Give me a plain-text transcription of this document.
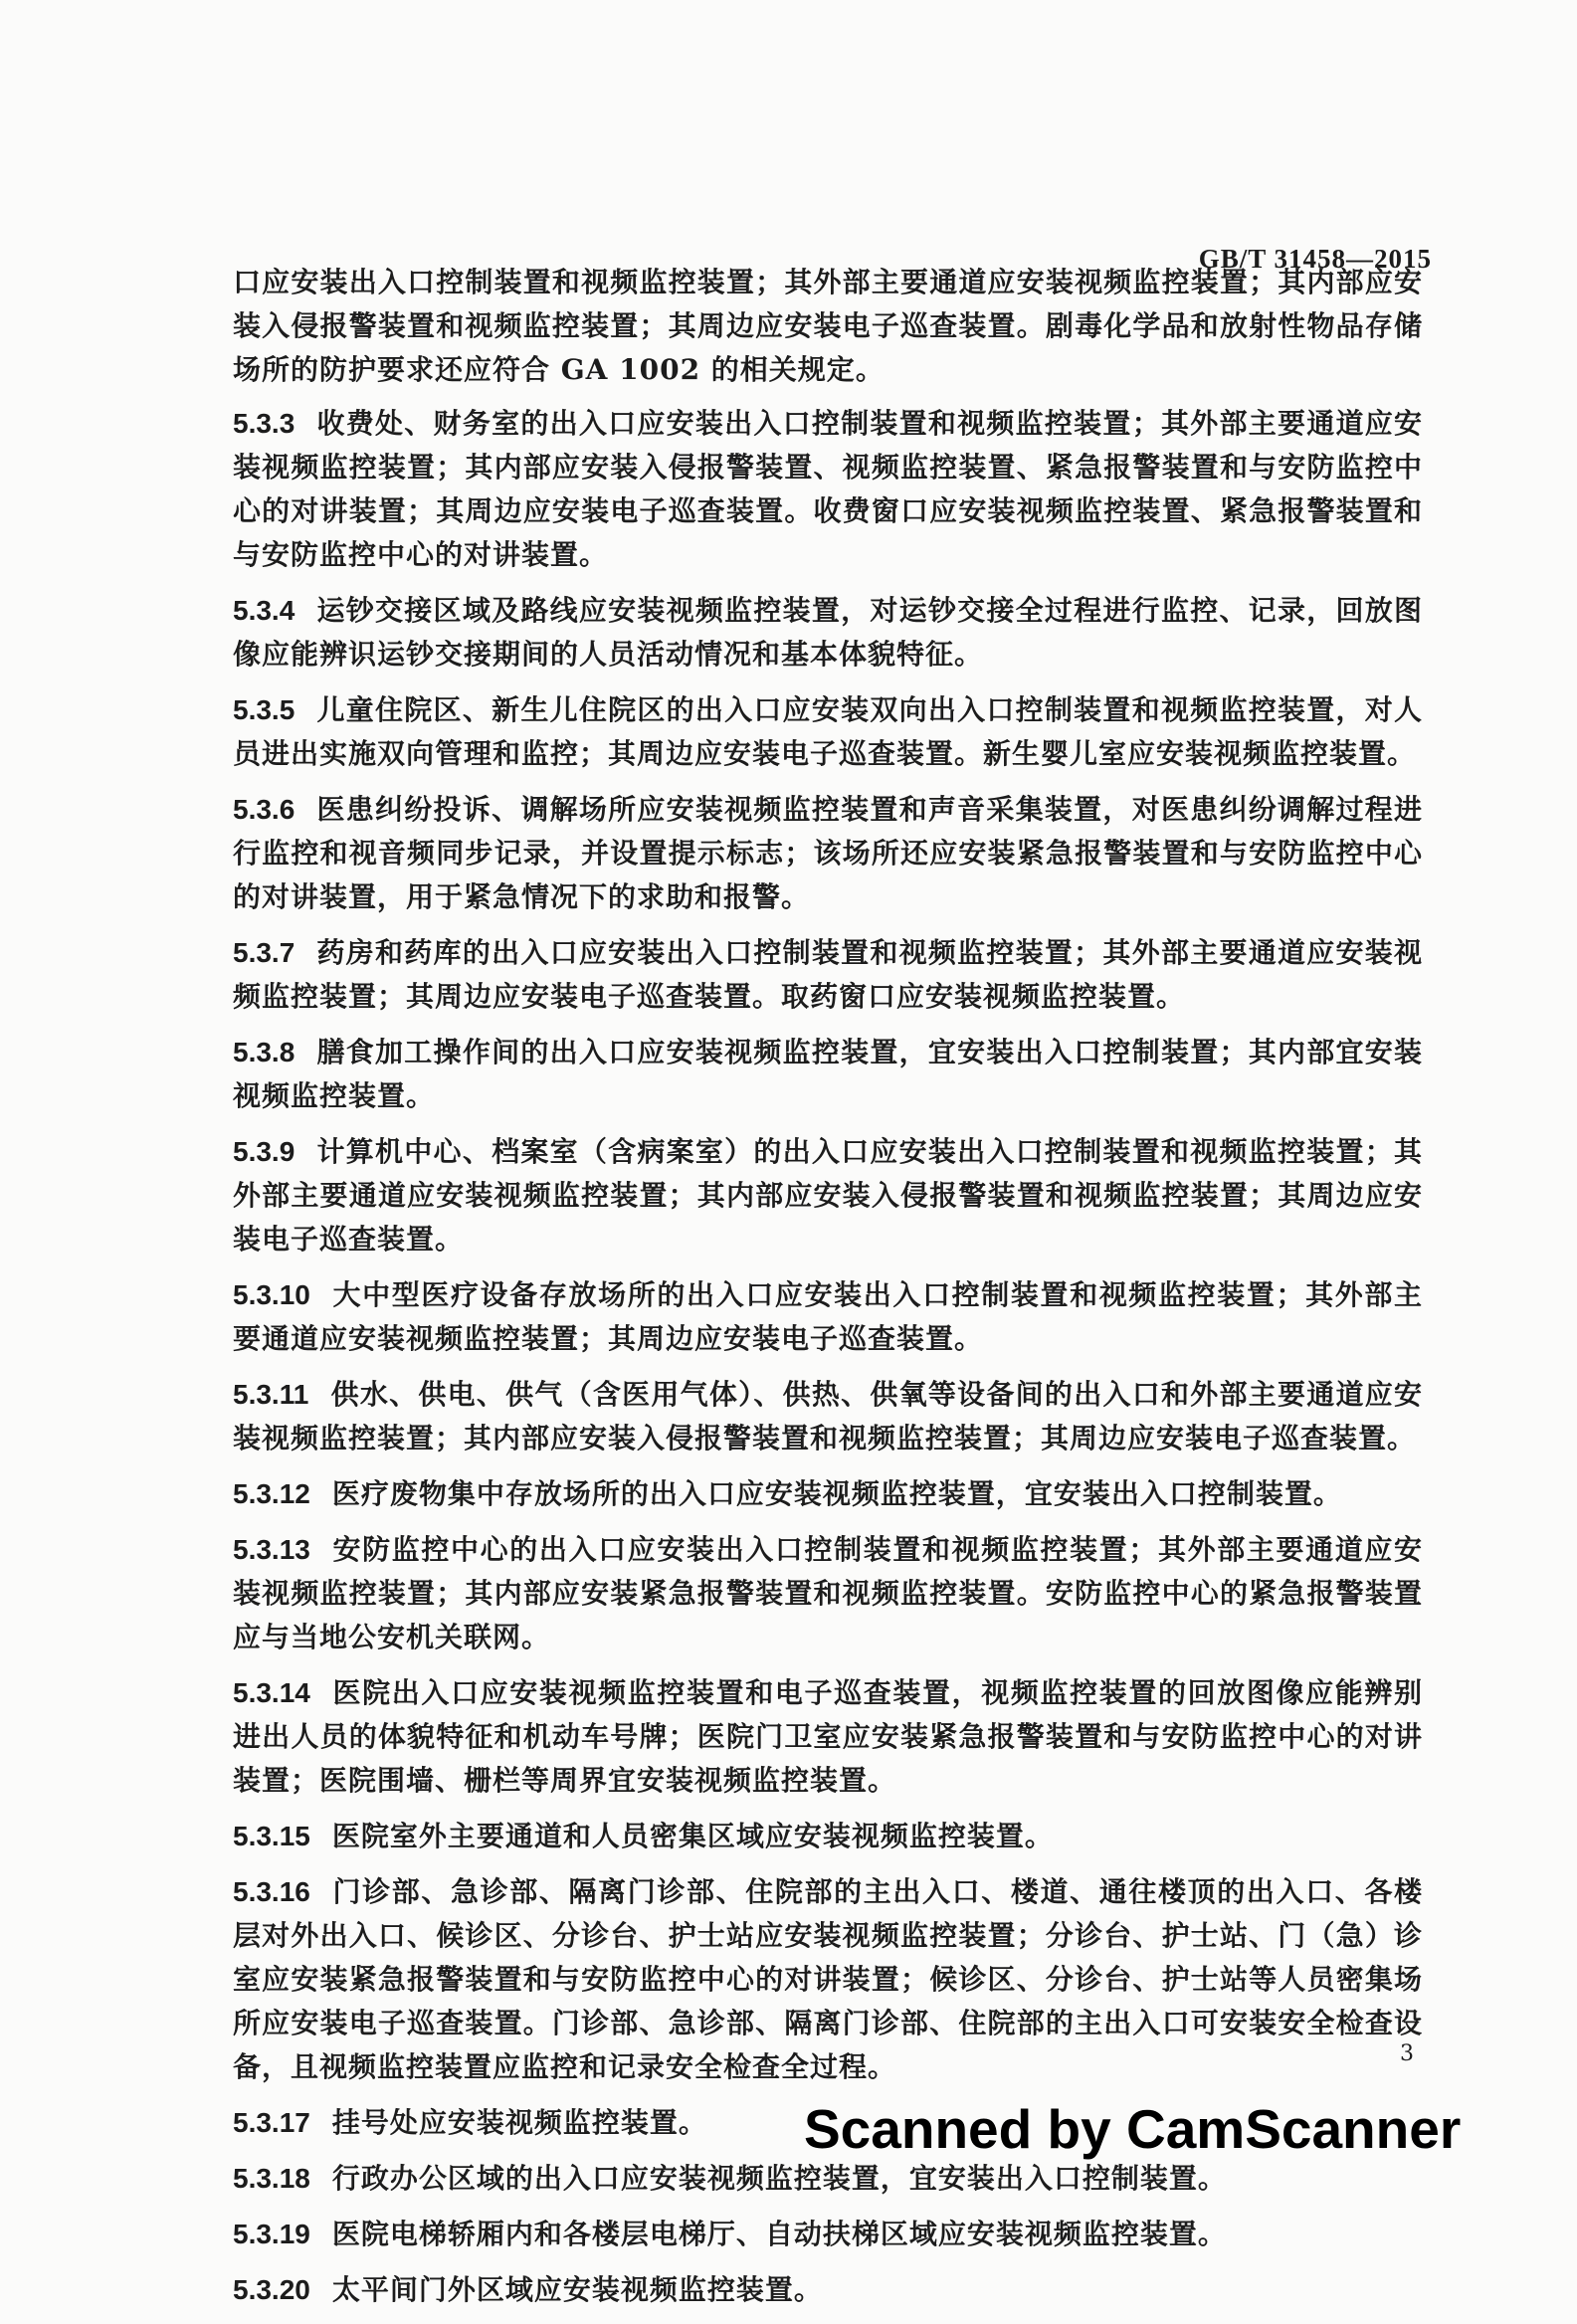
GB/T 31458—2015

口应安装出入口控制装置和视频监控装置；其外部主要通道应安装视频监控装置；其内部应安装入侵报警装置和视频监控装置；其周边应安装电子巡查装置。剧毒化学品和放射性物品存储场所的防护要求还应符合 GA 1002 的相关规定。

5.3.3 收费处、财务室的出入口应安装出入口控制装置和视频监控装置；其外部主要通道应安装视频监控装置；其内部应安装入侵报警装置、视频监控装置、紧急报警装置和与安防监控中心的对讲装置；其周边应安装电子巡查装置。收费窗口应安装视频监控装置、紧急报警装置和与安防监控中心的对讲装置。

5.3.4 运钞交接区域及路线应安装视频监控装置，对运钞交接全过程进行监控、记录，回放图像应能辨识运钞交接期间的人员活动情况和基本体貌特征。

5.3.5 儿童住院区、新生儿住院区的出入口应安装双向出入口控制装置和视频监控装置，对人员进出实施双向管理和监控；其周边应安装电子巡查装置。新生婴儿室应安装视频监控装置。

5.3.6 医患纠纷投诉、调解场所应安装视频监控装置和声音采集装置，对医患纠纷调解过程进行监控和视音频同步记录，并设置提示标志；该场所还应安装紧急报警装置和与安防监控中心的对讲装置，用于紧急情况下的求助和报警。

5.3.7 药房和药库的出入口应安装出入口控制装置和视频监控装置；其外部主要通道应安装视频监控装置；其周边应安装电子巡查装置。取药窗口应安装视频监控装置。

5.3.8 膳食加工操作间的出入口应安装视频监控装置，宜安装出入口控制装置；其内部宜安装视频监控装置。

5.3.9 计算机中心、档案室（含病案室）的出入口应安装出入口控制装置和视频监控装置；其外部主要通道应安装视频监控装置；其内部应安装入侵报警装置和视频监控装置；其周边应安装电子巡查装置。

5.3.10 大中型医疗设备存放场所的出入口应安装出入口控制装置和视频监控装置；其外部主要通道应安装视频监控装置；其周边应安装电子巡查装置。

5.3.11 供水、供电、供气（含医用气体）、供热、供氧等设备间的出入口和外部主要通道应安装视频监控装置；其内部应安装入侵报警装置和视频监控装置；其周边应安装电子巡查装置。

5.3.12 医疗废物集中存放场所的出入口应安装视频监控装置，宜安装出入口控制装置。

5.3.13 安防监控中心的出入口应安装出入口控制装置和视频监控装置；其外部主要通道应安装视频监控装置；其内部应安装紧急报警装置和视频监控装置。安防监控中心的紧急报警装置应与当地公安机关联网。

5.3.14 医院出入口应安装视频监控装置和电子巡查装置，视频监控装置的回放图像应能辨别进出人员的体貌特征和机动车号牌；医院门卫室应安装紧急报警装置和与安防监控中心的对讲装置；医院围墙、栅栏等周界宜安装视频监控装置。

5.3.15 医院室外主要通道和人员密集区域应安装视频监控装置。

5.3.16 门诊部、急诊部、隔离门诊部、住院部的主出入口、楼道、通往楼顶的出入口、各楼层对外出入口、候诊区、分诊台、护士站应安装视频监控装置；分诊台、护士站、门（急）诊室应安装紧急报警装置和与安防监控中心的对讲装置；候诊区、分诊台、护士站等人员密集场所应安装电子巡查装置。门诊部、急诊部、隔离门诊部、住院部的主出入口可安装安全检查设备，且视频监控装置应监控和记录安全检查全过程。

5.3.17 挂号处应安装视频监控装置。

5.3.18 行政办公区域的出入口应安装视频监控装置，宜安装出入口控制装置。

5.3.19 医院电梯轿厢内和各楼层电梯厅、自动扶梯区域应安装视频监控装置。

5.3.20 太平间门外区域应安装视频监控装置。

3
Scanned by CamScanner
